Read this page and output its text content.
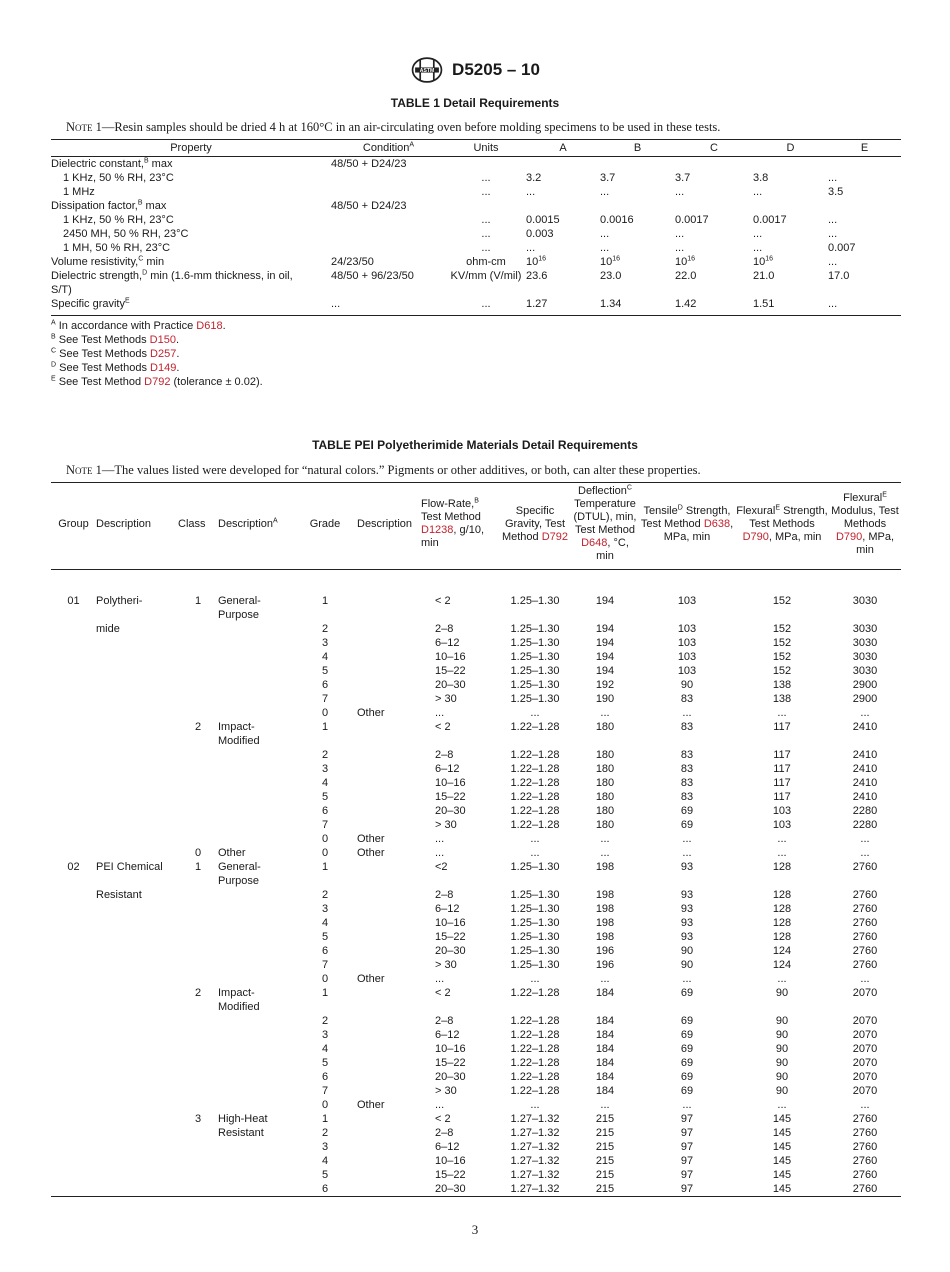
ASTM D5205 – 10
TABLE 1 Detail Requirements
Note 1—Resin samples should be dried 4 h at 160°C in an air-circulating oven before molding specimens to be used in these tests.
Property	Condition$^A$	Units	A	B	C	D	E
Dielectric constant,$^B$ max	48/50 + D24/23						
1 KHz, 50 % RH, 23°C		...	3.2	3.7	3.7	3.8	...
1 MHz		...	...	...	...	...	3.5
Dissipation factor,$^B$ max	48/50 + D24/23						
1 KHz, 50 % RH, 23°C		...	0.0015	0.0016	0.0017	0.0017	...
2450 MH, 50 % RH, 23°C		...	0.003	...	...	...	...
1 MH, 50 % RH, 23°C		...	...	...	...	...	0.007
Volume resistivity,$^C$ min	24/23/50	ohm-cm	$10^{16}$	$10^{16}$	$10^{16}$	$10^{16}$	...
Dielectric strength,$^D$ min (1.6-mm thickness, in oil, S/T)	48/50 + 96/23/50	KV/mm (V/mil)	23.6	23.0	22.0	21.0	17.0
Specific gravity$^E$	...	...	1.27	1.34	1.42	1.51	...
$^A$ In accordance with Practice D618.
$^B$ See Test Methods D150.
$^C$ See Test Methods D257.
$^D$ See Test Methods D149.
$^E$ See Test Method D792 (tolerance ± 0.02).
TABLE PEI Polyetherimide Materials Detail Requirements
Note 1—The values listed were developed for “natural colors.” Pigments or other additives, or both, can alter these properties.
Group	Description	Class	Description$^A$	Grade	Description	Flow-Rate,$^B$ Test Method D1238, g/10, min	Specific Gravity, Test Method D792	Deflection$^C$ Temperature (DTUL), min, Test Method D648, °C, min	Tensile$^D$ Strength, Test Method D638, MPa, min	Flexural$^E$ Strength, Test Methods D790, MPa, min	Flexural$^E$ Modulus, Test Methods D790, MPa, min

01	Polytheri-	1	General-	1		< 2	1.25–1.30	194	103	152	3030
			Purpose								
	mide			2		2–8	1.25–1.30	194	103	152	3030
				3		6–12	1.25–1.30	194	103	152	3030
				4		10–16	1.25–1.30	194	103	152	3030
				5		15–22	1.25–1.30	194	103	152	3030
				6		20–30	1.25–1.30	192	90	138	2900
				7		> 30	1.25–1.30	190	83	138	2900
				0	Other	...	...	...	...	...	...
		2	Impact-	1		< 2	1.22–1.28	180	83	117	2410
			Modified								
				2		2–8	1.22–1.28	180	83	117	2410
				3		6–12	1.22–1.28	180	83	117	2410
				4		10–16	1.22–1.28	180	83	117	2410
				5		15–22	1.22–1.28	180	83	117	2410
				6		20–30	1.22–1.28	180	69	103	2280
				7		> 30	1.22–1.28	180	69	103	2280
				0	Other	...	...	...	...	...	...
		0	Other	0	Other	...	...	...	...	...	...
02	PEI Chemical	1	General-	1		<2	1.25–1.30	198	93	128	2760
			Purpose								
	Resistant			2		2–8	1.25–1.30	198	93	128	2760
				3		6–12	1.25–1.30	198	93	128	2760
				4		10–16	1.25–1.30	198	93	128	2760
				5		15–22	1.25–1.30	198	93	128	2760
				6		20–30	1.25–1.30	196	90	124	2760
				7		> 30	1.25–1.30	196	90	124	2760
				0	Other	...	...	...	...	...	...
		2	Impact-	1		< 2	1.22–1.28	184	69	90	2070
			Modified								
				2		2–8	1.22–1.28	184	69	90	2070
				3		6–12	1.22–1.28	184	69	90	2070
				4		10–16	1.22–1.28	184	69	90	2070
				5		15–22	1.22–1.28	184	69	90	2070
				6		20–30	1.22–1.28	184	69	90	2070
				7		> 30	1.22–1.28	184	69	90	2070
				0	Other	...	...	...	...	...	...
		3	High-Heat	1		< 2	1.27–1.32	215	97	145	2760
			Resistant	2		2–8	1.27–1.32	215	97	145	2760
				3		6–12	1.27–1.32	215	97	145	2760
				4		10–16	1.27–1.32	215	97	145	2760
				5		15–22	1.27–1.32	215	97	145	2760
				6		20–30	1.27–1.32	215	97	145	2760
3
